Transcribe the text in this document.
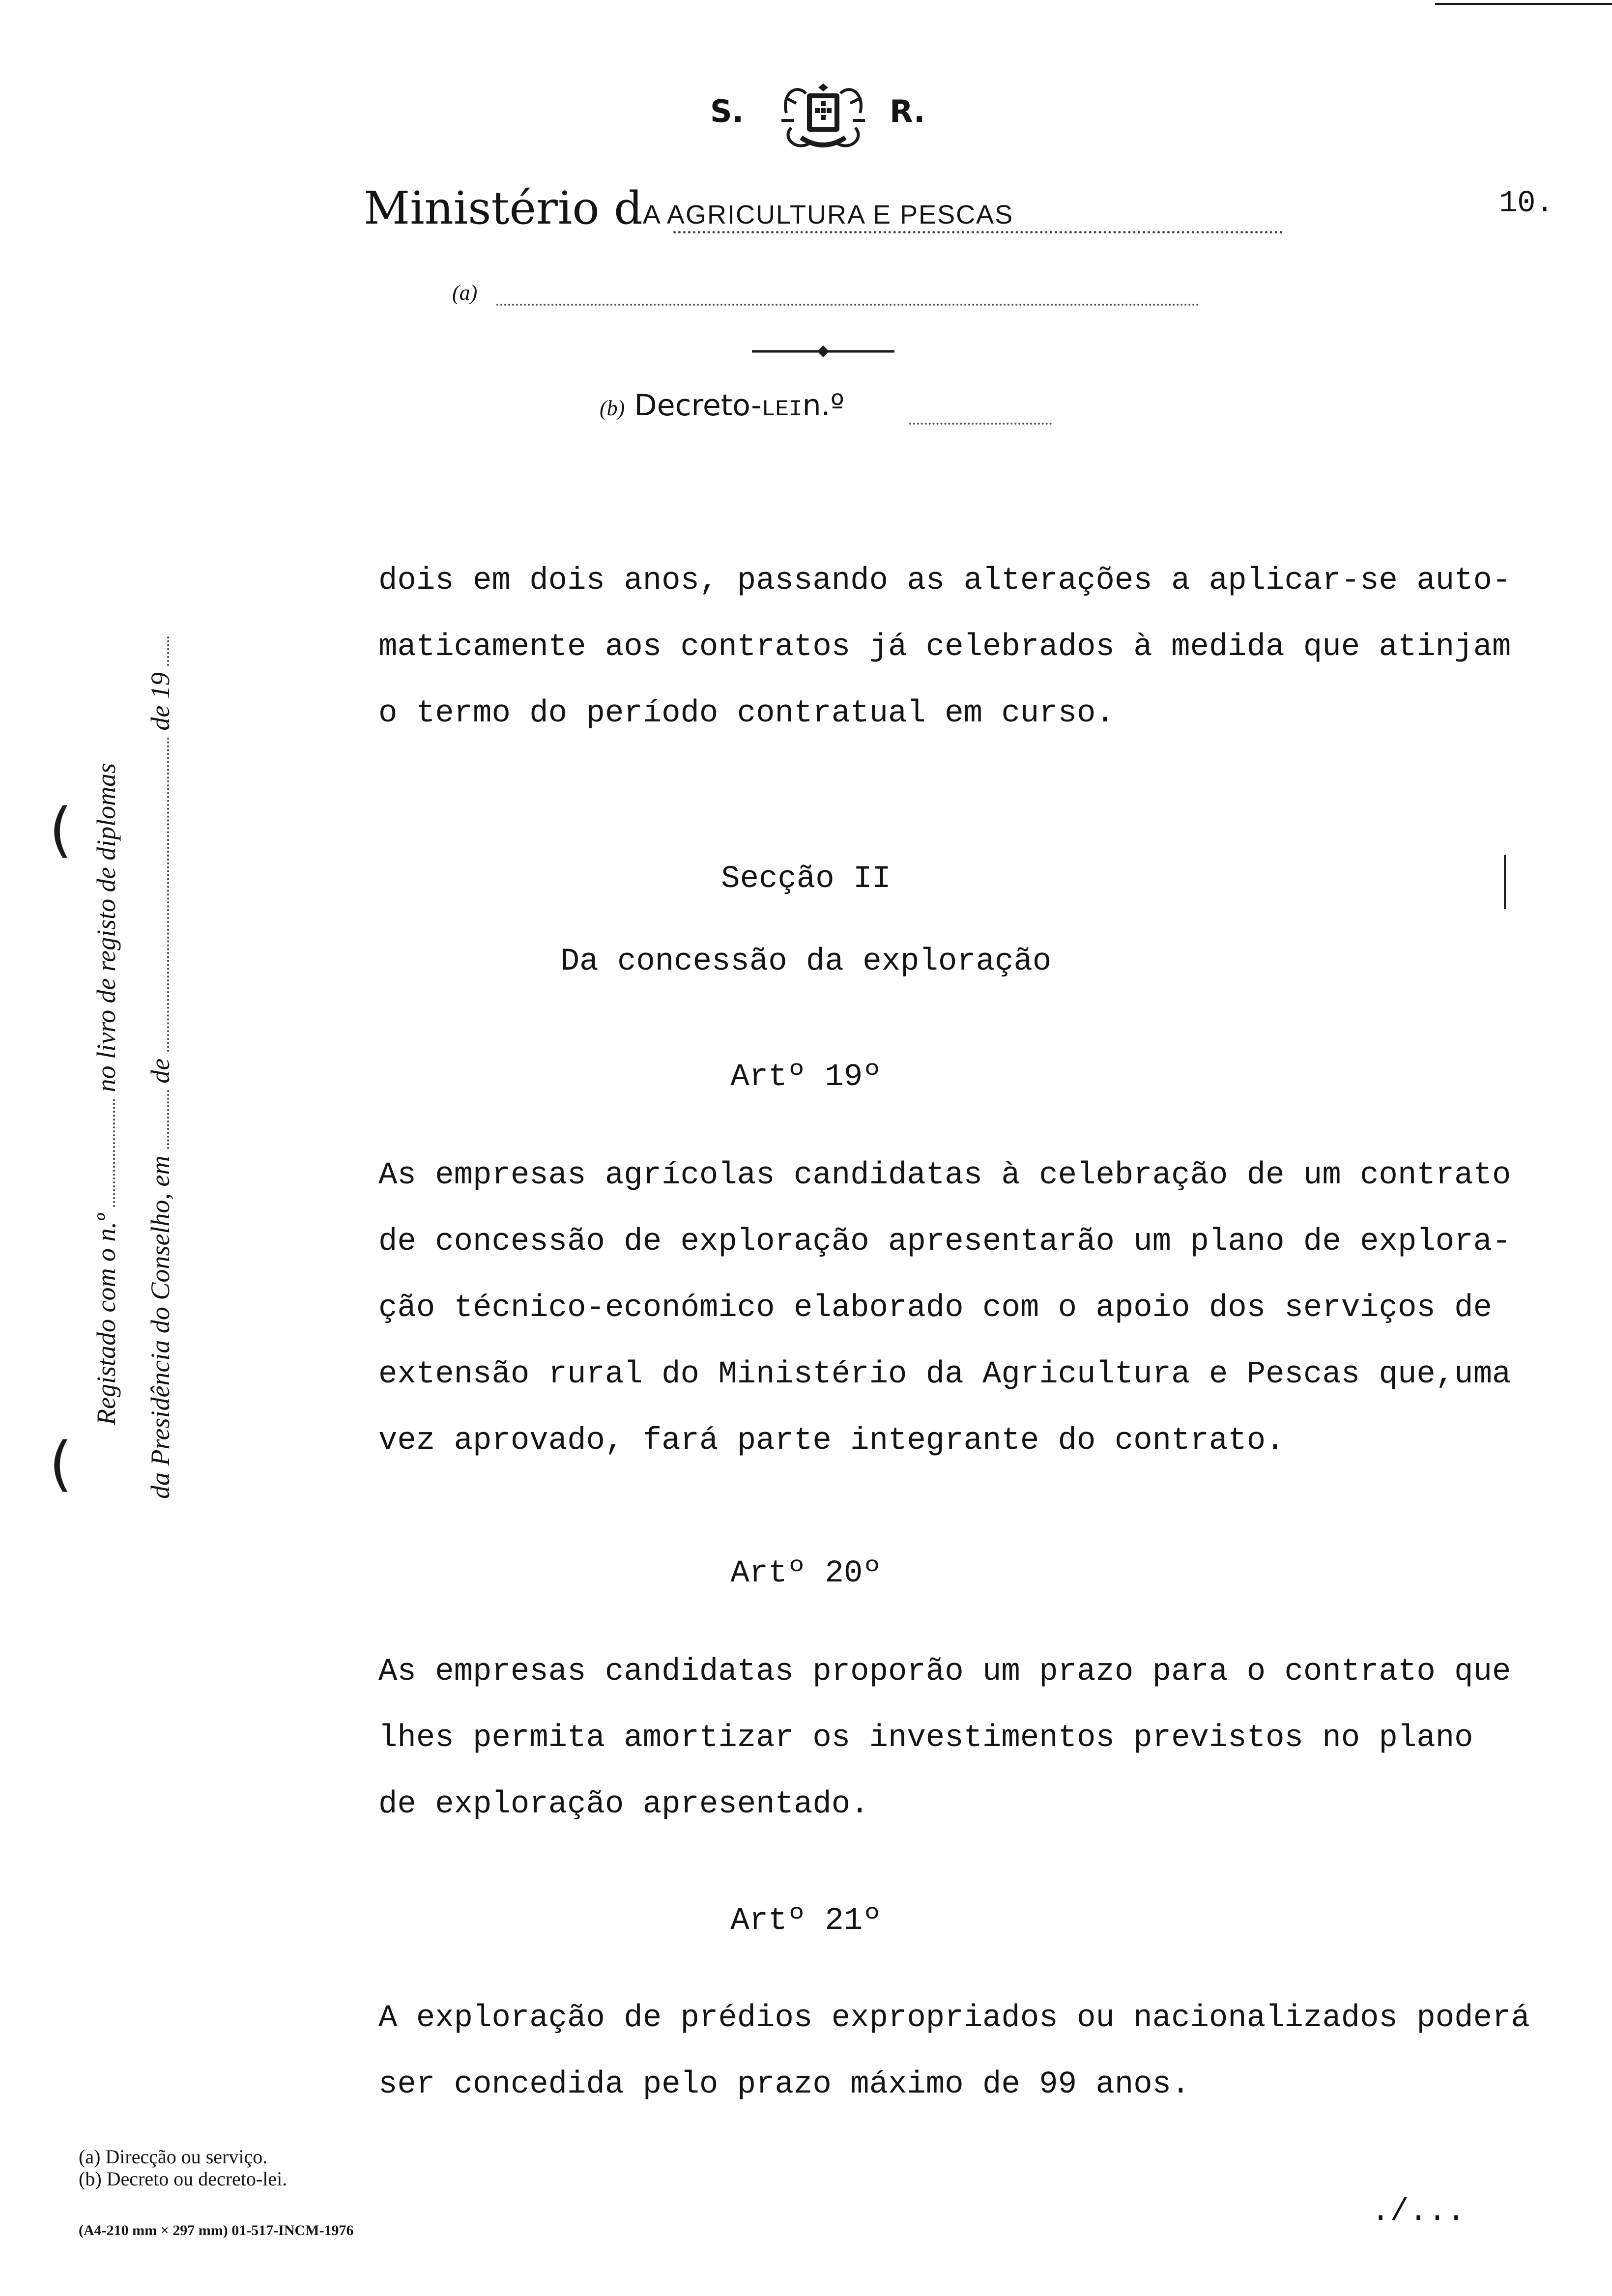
S.	R.
Ministério dA AGRICULTURA E PESCAS	10.
(a)
(b) Decreto-LEIn.º
(
Registado com o n.º  no livro de registo de diplomas
da Presidência do Conselho, em  de  de 19
(
dois em dois anos, passando as alterações a aplicar-se auto-
maticamente aos contratos já celebrados à medida que atinjam
o termo do período contratual em curso.
Secção II
Da concessão da exploração
Artº 19º
As empresas agrícolas candidatas à celebração de um contrato
de concessão de exploração apresentarão um plano de explora-
ção técnico-económico elaborado com o apoio dos serviços de
extensão rural do Ministério da Agricultura e Pescas que,uma
vez aprovado, fará parte integrante do contrato.
Artº 20º
As empresas candidatas proporão um prazo para o contrato que
lhes permita amortizar os investimentos previstos no plano
de exploração apresentado.
Artº 21º
A exploração de prédios expropriados ou nacionalizados poderá
ser concedida pelo prazo máximo de 99 anos.
(a) Direcção ou serviço.
(b) Decreto ou decreto-lei.
(A4-210 mm × 297 mm) 01-517-INCM-1976
./...
